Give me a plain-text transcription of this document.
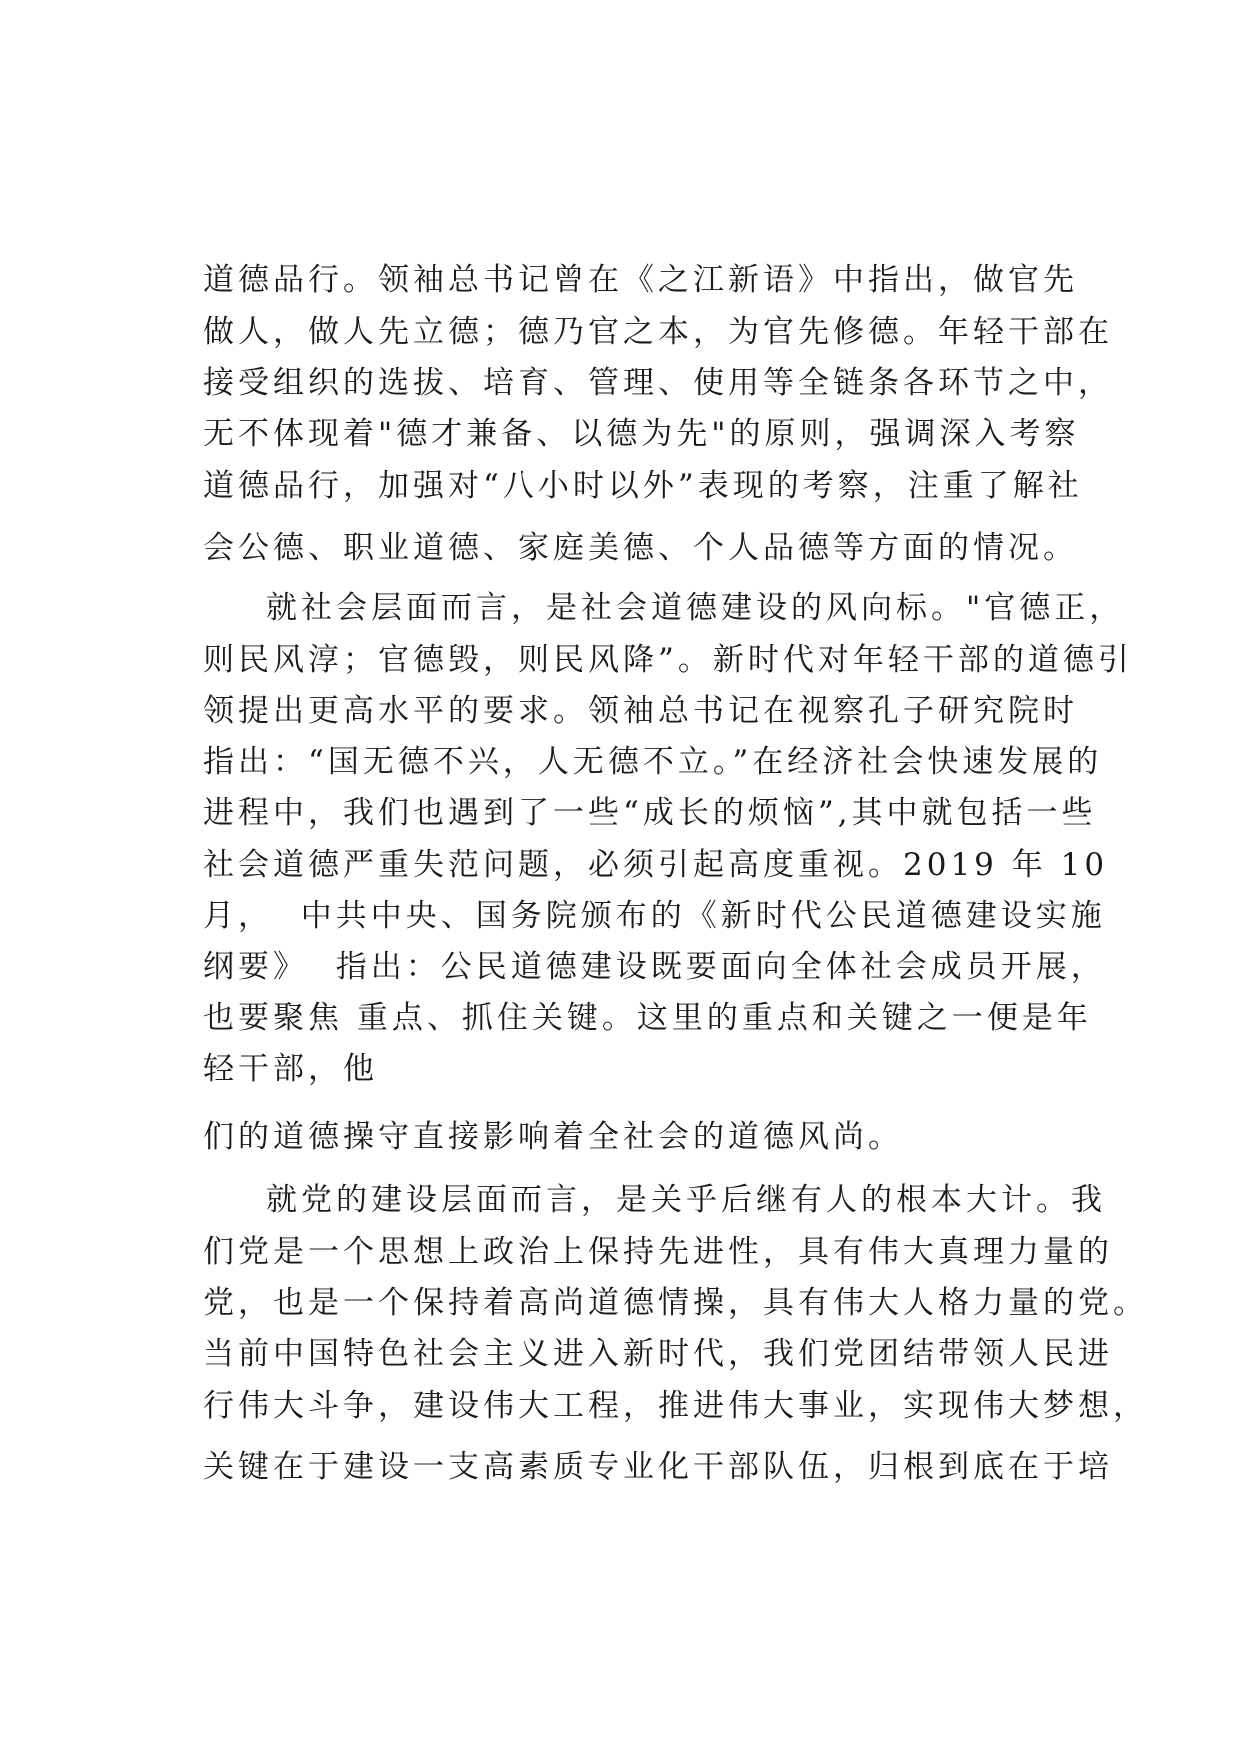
道德品行。领袖总书记曾在《之江新语》中指出，做官先
做人，做人先立德；德乃官之本，为官先修德。年轻干部在
接受组织的选拔、培育、管理、使用等全链条各环节之中，
无不体现着"德才兼备、以德为先"的原则，强调深入考察
道德品行，加强对“八小时以外”表现的考察，注重了解社
会公德、职业道德、家庭美德、个人品德等方面的情况。
就社会层面而言，是社会道德建设的风向标。"官德正，
则民风淳；官德毁，则民风降”。新时代对年轻干部的道德引
领提出更高水平的要求。领袖总书记在视察孔子研究院时
指出：“国无德不兴，人无德不立。”在经济社会快速发展的
进程中，我们也遇到了一些“成长的烦恼”,其中就包括一些
社会道德严重失范问题，必须引起高度重视。2019 年 10
月，  中共中央、国务院颁布的《新时代公民道德建设实施
纲要》  指出：公民道德建设既要面向全体社会成员开展，
也要聚焦 重点、抓住关键。这里的重点和关键之一便是年
轻干部，他
们的道德操守直接影响着全社会的道德风尚。
就党的建设层面而言，是关乎后继有人的根本大计。我
们党是一个思想上政治上保持先进性，具有伟大真理力量的
党，也是一个保持着高尚道德情操，具有伟大人格力量的党。
当前中国特色社会主义进入新时代，我们党团结带领人民进
行伟大斗争，建设伟大工程，推进伟大事业，实现伟大梦想，
关键在于建设一支高素质专业化干部队伍，归根到底在于培
